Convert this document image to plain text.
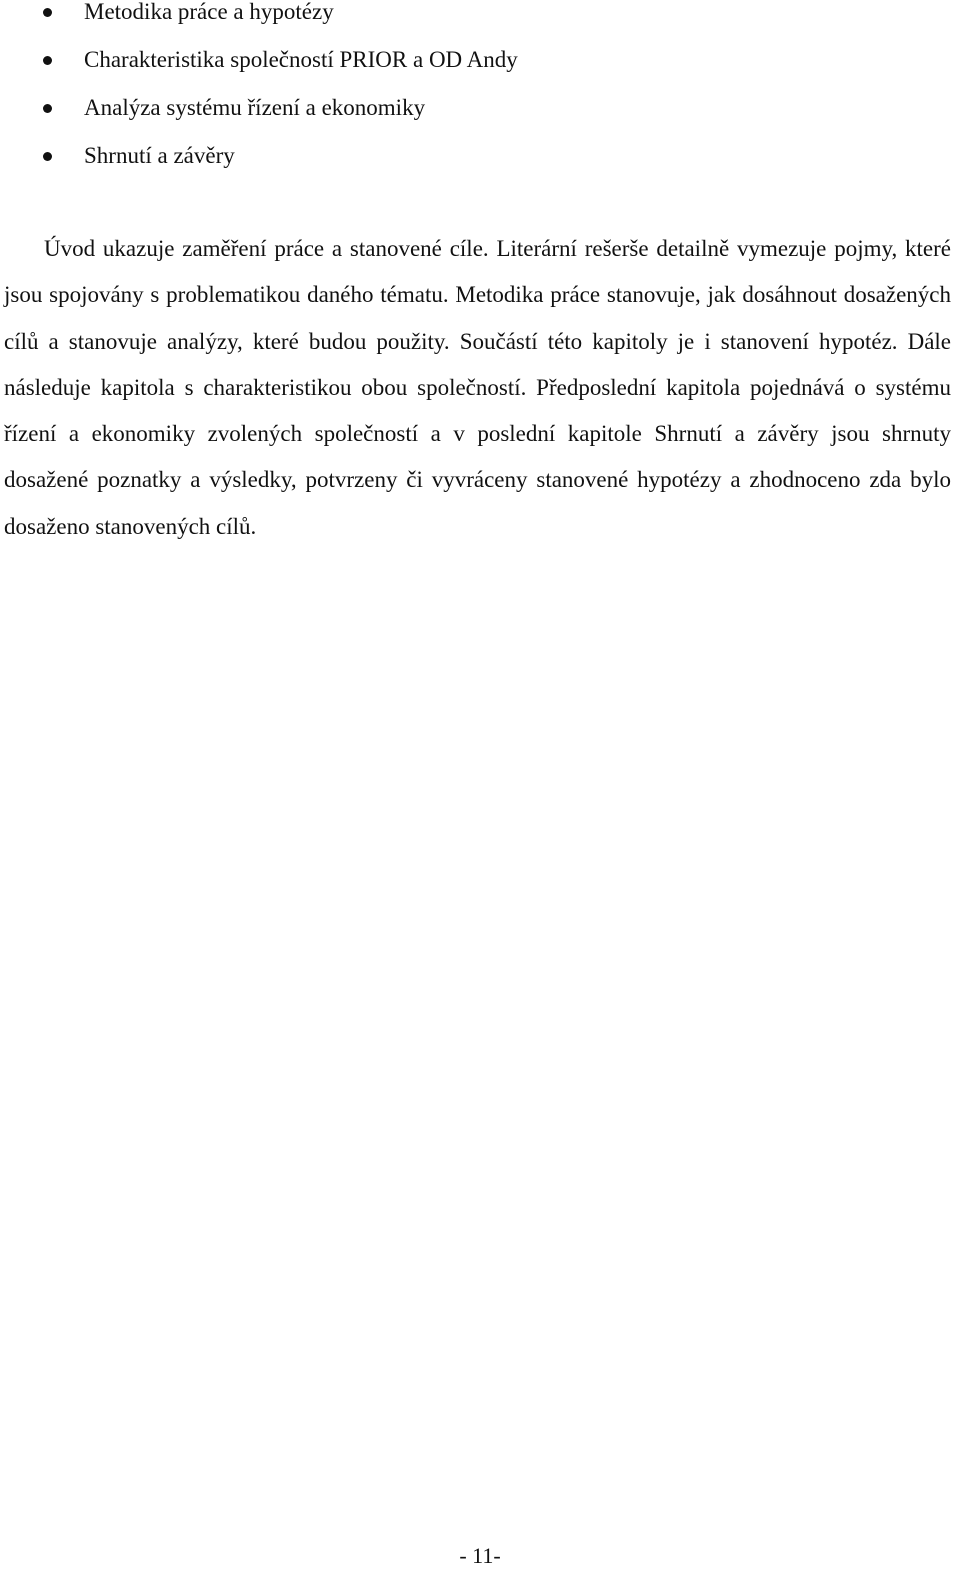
Metodika práce a hypotézy
Charakteristika společností PRIOR a OD Andy
Analýza systému řízení a ekonomiky
Shrnutí a závěry

Úvod ukazuje zaměření práce a stanovené cíle. Literární rešerše detailně vymezuje pojmy, které jsou spojovány s problematikou daného tématu. Metodika práce stanovuje, jak dosáhnout dosažených cílů a stanovuje analýzy, které budou použity. Součástí této kapitoly je i stanovení hypotéz. Dále následuje kapitola s charakteristikou obou společností. Předposlední kapitola pojednává o systému řízení a ekonomiky zvolených společností a v poslední kapitole Shrnutí a závěry jsou shrnuty dosažené poznatky a výsledky, potvrzeny či vyvráceny stanovené hypotézy a zhodnoceno zda bylo dosaženo stanovených cílů.

- 11-
